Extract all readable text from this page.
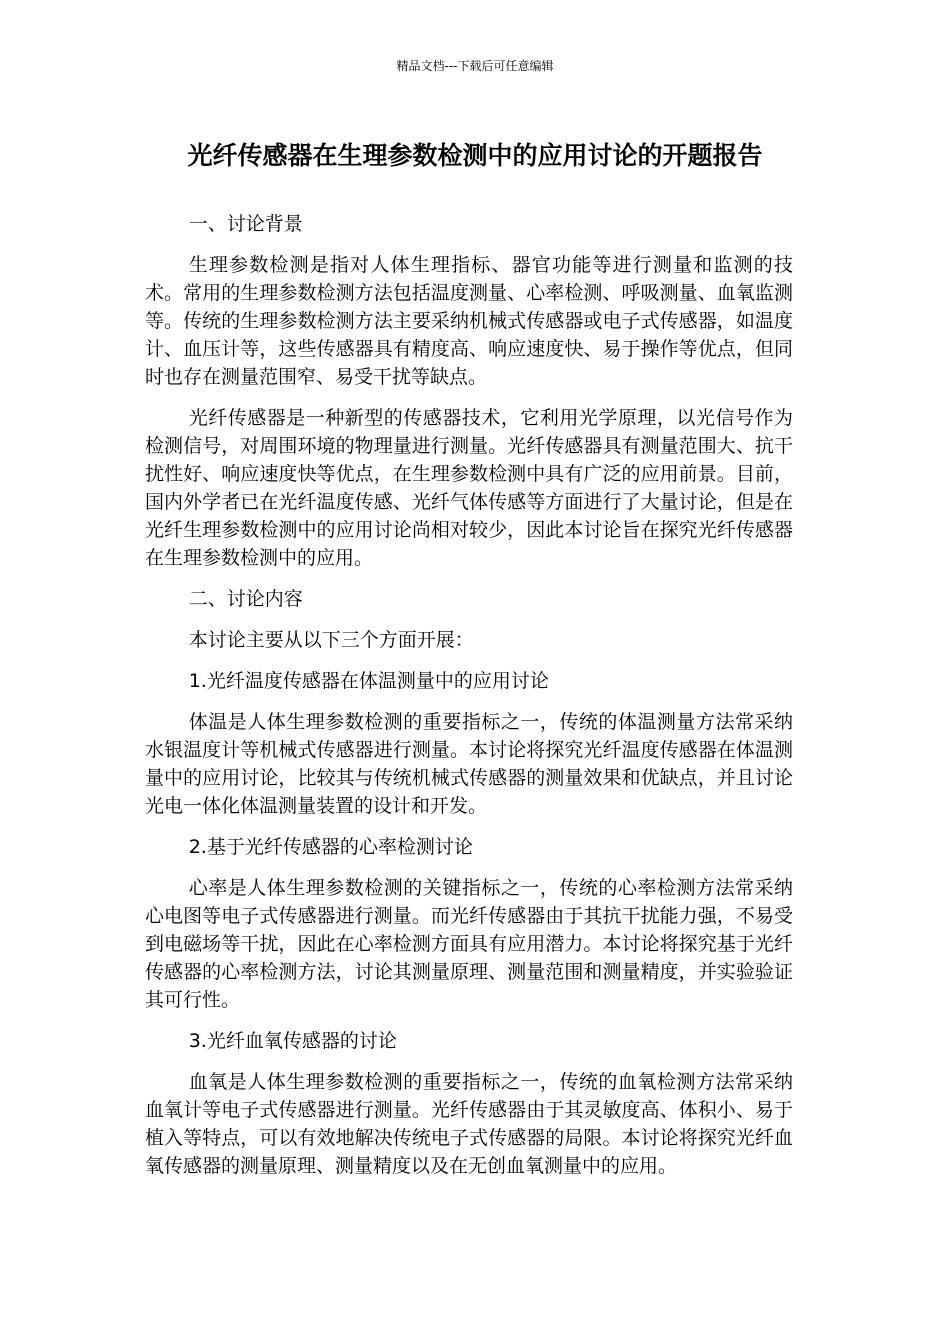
精品文档---下载后可任意编辑
光纤传感器在生理参数检测中的应用讨论的开题报告

一、讨论背景

生理参数检测是指对人体生理指标、器官功能等进行测量和监测的技术。常用的生理参数检测方法包括温度测量、心率检测、呼吸测量、血氧监测等。传统的生理参数检测方法主要采纳机械式传感器或电子式传感器，如温度计、血压计等，这些传感器具有精度高、响应速度快、易于操作等优点，但同时也存在测量范围窄、易受干扰等缺点。

光纤传感器是一种新型的传感器技术，它利用光学原理，以光信号作为检测信号，对周围环境的物理量进行测量。光纤传感器具有测量范围大、抗干扰性好、响应速度快等优点，在生理参数检测中具有广泛的应用前景。目前，国内外学者已在光纤温度传感、光纤气体传感等方面进行了大量讨论，但是在光纤生理参数检测中的应用讨论尚相对较少，因此本讨论旨在探究光纤传感器在生理参数检测中的应用。

二、讨论内容

本讨论主要从以下三个方面开展：

1.光纤温度传感器在体温测量中的应用讨论

体温是人体生理参数检测的重要指标之一，传统的体温测量方法常采纳水银温度计等机械式传感器进行测量。本讨论将探究光纤温度传感器在体温测量中的应用讨论，比较其与传统机械式传感器的测量效果和优缺点，并且讨论光电一体化体温测量装置的设计和开发。

2.基于光纤传感器的心率检测讨论

心率是人体生理参数检测的关键指标之一，传统的心率检测方法常采纳心电图等电子式传感器进行测量。而光纤传感器由于其抗干扰能力强，不易受到电磁场等干扰，因此在心率检测方面具有应用潜力。本讨论将探究基于光纤传感器的心率检测方法，讨论其测量原理、测量范围和测量精度，并实验验证其可行性。

3.光纤血氧传感器的讨论

血氧是人体生理参数检测的重要指标之一，传统的血氧检测方法常采纳血氧计等电子式传感器进行测量。光纤传感器由于其灵敏度高、体积小、易于植入等特点，可以有效地解决传统电子式传感器的局限。本讨论将探究光纤血氧传感器的测量原理、测量精度以及在无创血氧测量中的应用。
